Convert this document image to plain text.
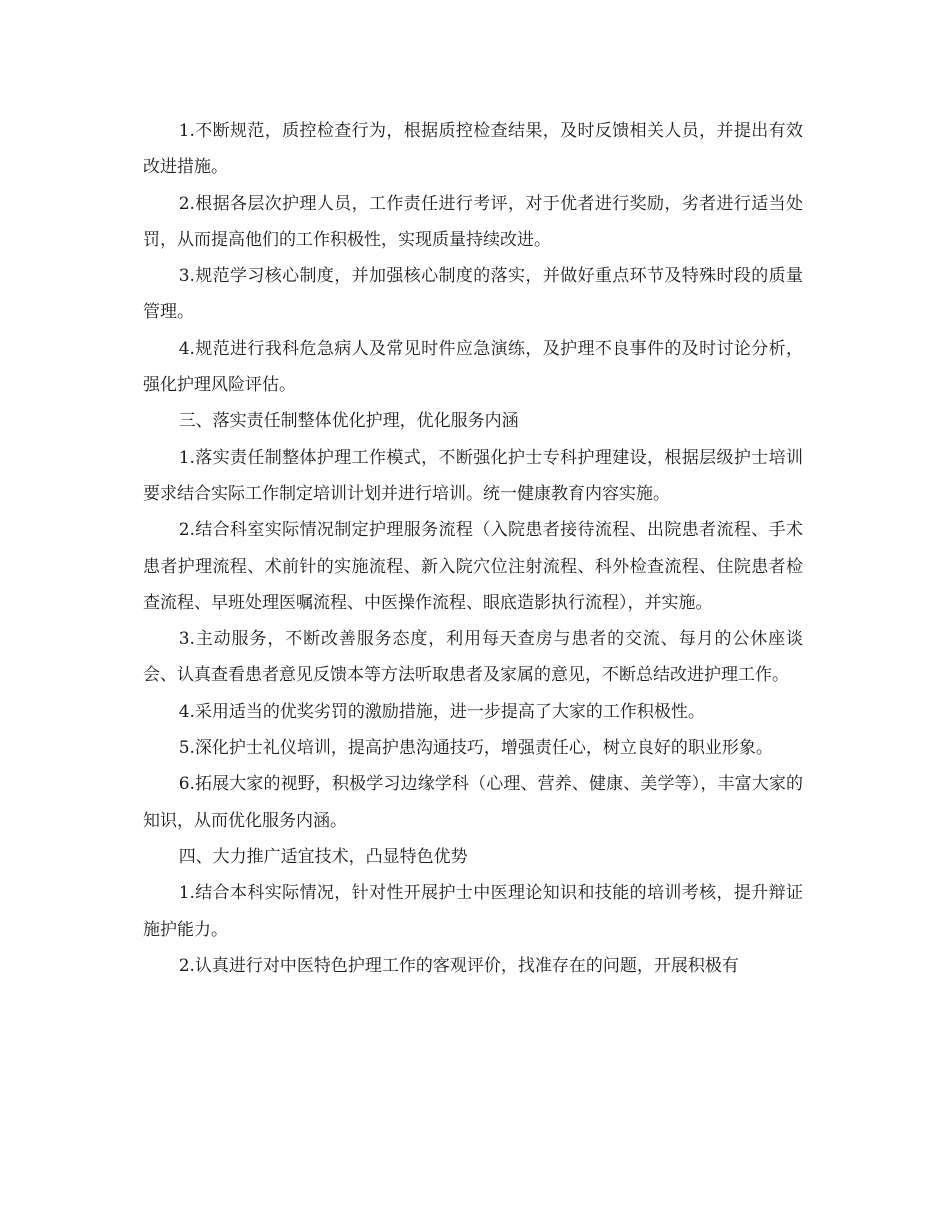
1.不断规范，质控检查行为，根据质控检查结果，及时反馈相关人员，并提出有效改进措施。

2.根据各层次护理人员，工作责任进行考评，对于优者进行奖励，劣者进行适当处罚，从而提高他们的工作积极性，实现质量持续改进。

3.规范学习核心制度，并加强核心制度的落实，并做好重点环节及特殊时段的质量管理。

4.规范进行我科危急病人及常见时件应急演练，及护理不良事件的及时讨论分析，强化护理风险评估。

三、落实责任制整体优化护理，优化服务内涵

1.落实责任制整体护理工作模式，不断强化护士专科护理建设，根据层级护士培训要求结合实际工作制定培训计划并进行培训。统一健康教育内容实施。

2.结合科室实际情况制定护理服务流程（入院患者接待流程、出院患者流程、手术患者护理流程、术前针的实施流程、新入院穴位注射流程、科外检查流程、住院患者检查流程、早班处理医嘱流程、中医操作流程、眼底造影执行流程），并实施。

3.主动服务，不断改善服务态度，利用每天查房与患者的交流、每月的公休座谈会、认真查看患者意见反馈本等方法听取患者及家属的意见，不断总结改进护理工作。

4.采用适当的优奖劣罚的激励措施，进一步提高了大家的工作积极性。

5.深化护士礼仪培训，提高护患沟通技巧，增强责任心，树立良好的职业形象。

6.拓展大家的视野，积极学习边缘学科（心理、营养、健康、美学等），丰富大家的知识，从而优化服务内涵。

四、大力推广适宜技术，凸显特色优势

1.结合本科实际情况，针对性开展护士中医理论知识和技能的培训考核，提升辩证施护能力。

2.认真进行对中医特色护理工作的客观评价，找准存在的问题，开展积极有
